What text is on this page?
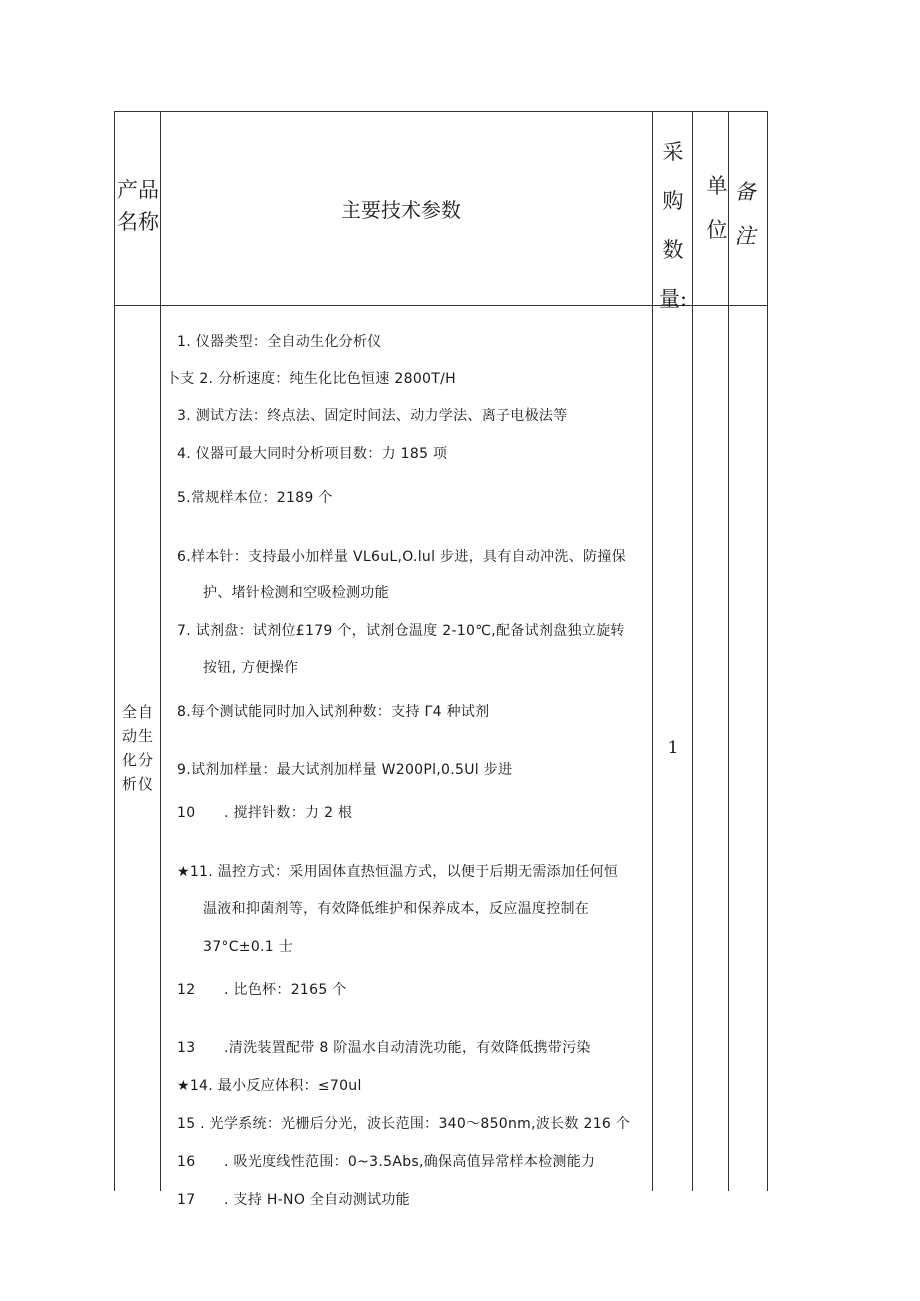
产品
名称	主要技术参数
采
购
数
量:
单
位
备
注
全自
动生
化分
析仪
1
1. 仪器类型：全自动生化分析仪
卜支 2. 分析速度：纯生化比色恒速 2800T/H
3. 测试方法：终点法、固定时间法、动力学法、离子电极法等
4. 仪器可最大同时分析项目数：力 185 项
5.常规样本位：2189 个
6.样本针：支持最小加样量 VL6uL,O.lul 步进，具有自动冲洗、防撞保
护、堵针检测和空吸检测功能
7. 试剂盘：试剂位£179 个，试剂仓温度 2-10℃,配备试剂盘独立旋转
按钮, 方便操作
8.每个测试能同时加入试剂种数：支持 Γ4 种试剂
9.试剂加样量：最大试剂加样量 W200Pl,0.5Ul 步进
10　　. 搅拌针数：力 2 根
★11. 温控方式：采用固体直热恒温方式，以便于后期无需添加任何恒
温液和抑菌剂等，有效降低维护和保养成本，反应温度控制在
37°C±0.1 士
12　　. 比色杯：2165 个
13　　.清洗装置配带 8 阶温水自动清洗功能，有效降低携带污染
★14. 最小反应体积：≤70ul
15 . 光学系统：光栅后分光，波长范围：340～850nm,波长数 216 个
16　　. 吸光度线性范围：0~3.5Abs,确保高值异常样本检测能力
17　　. 支持 H-NO 全自动测试功能
